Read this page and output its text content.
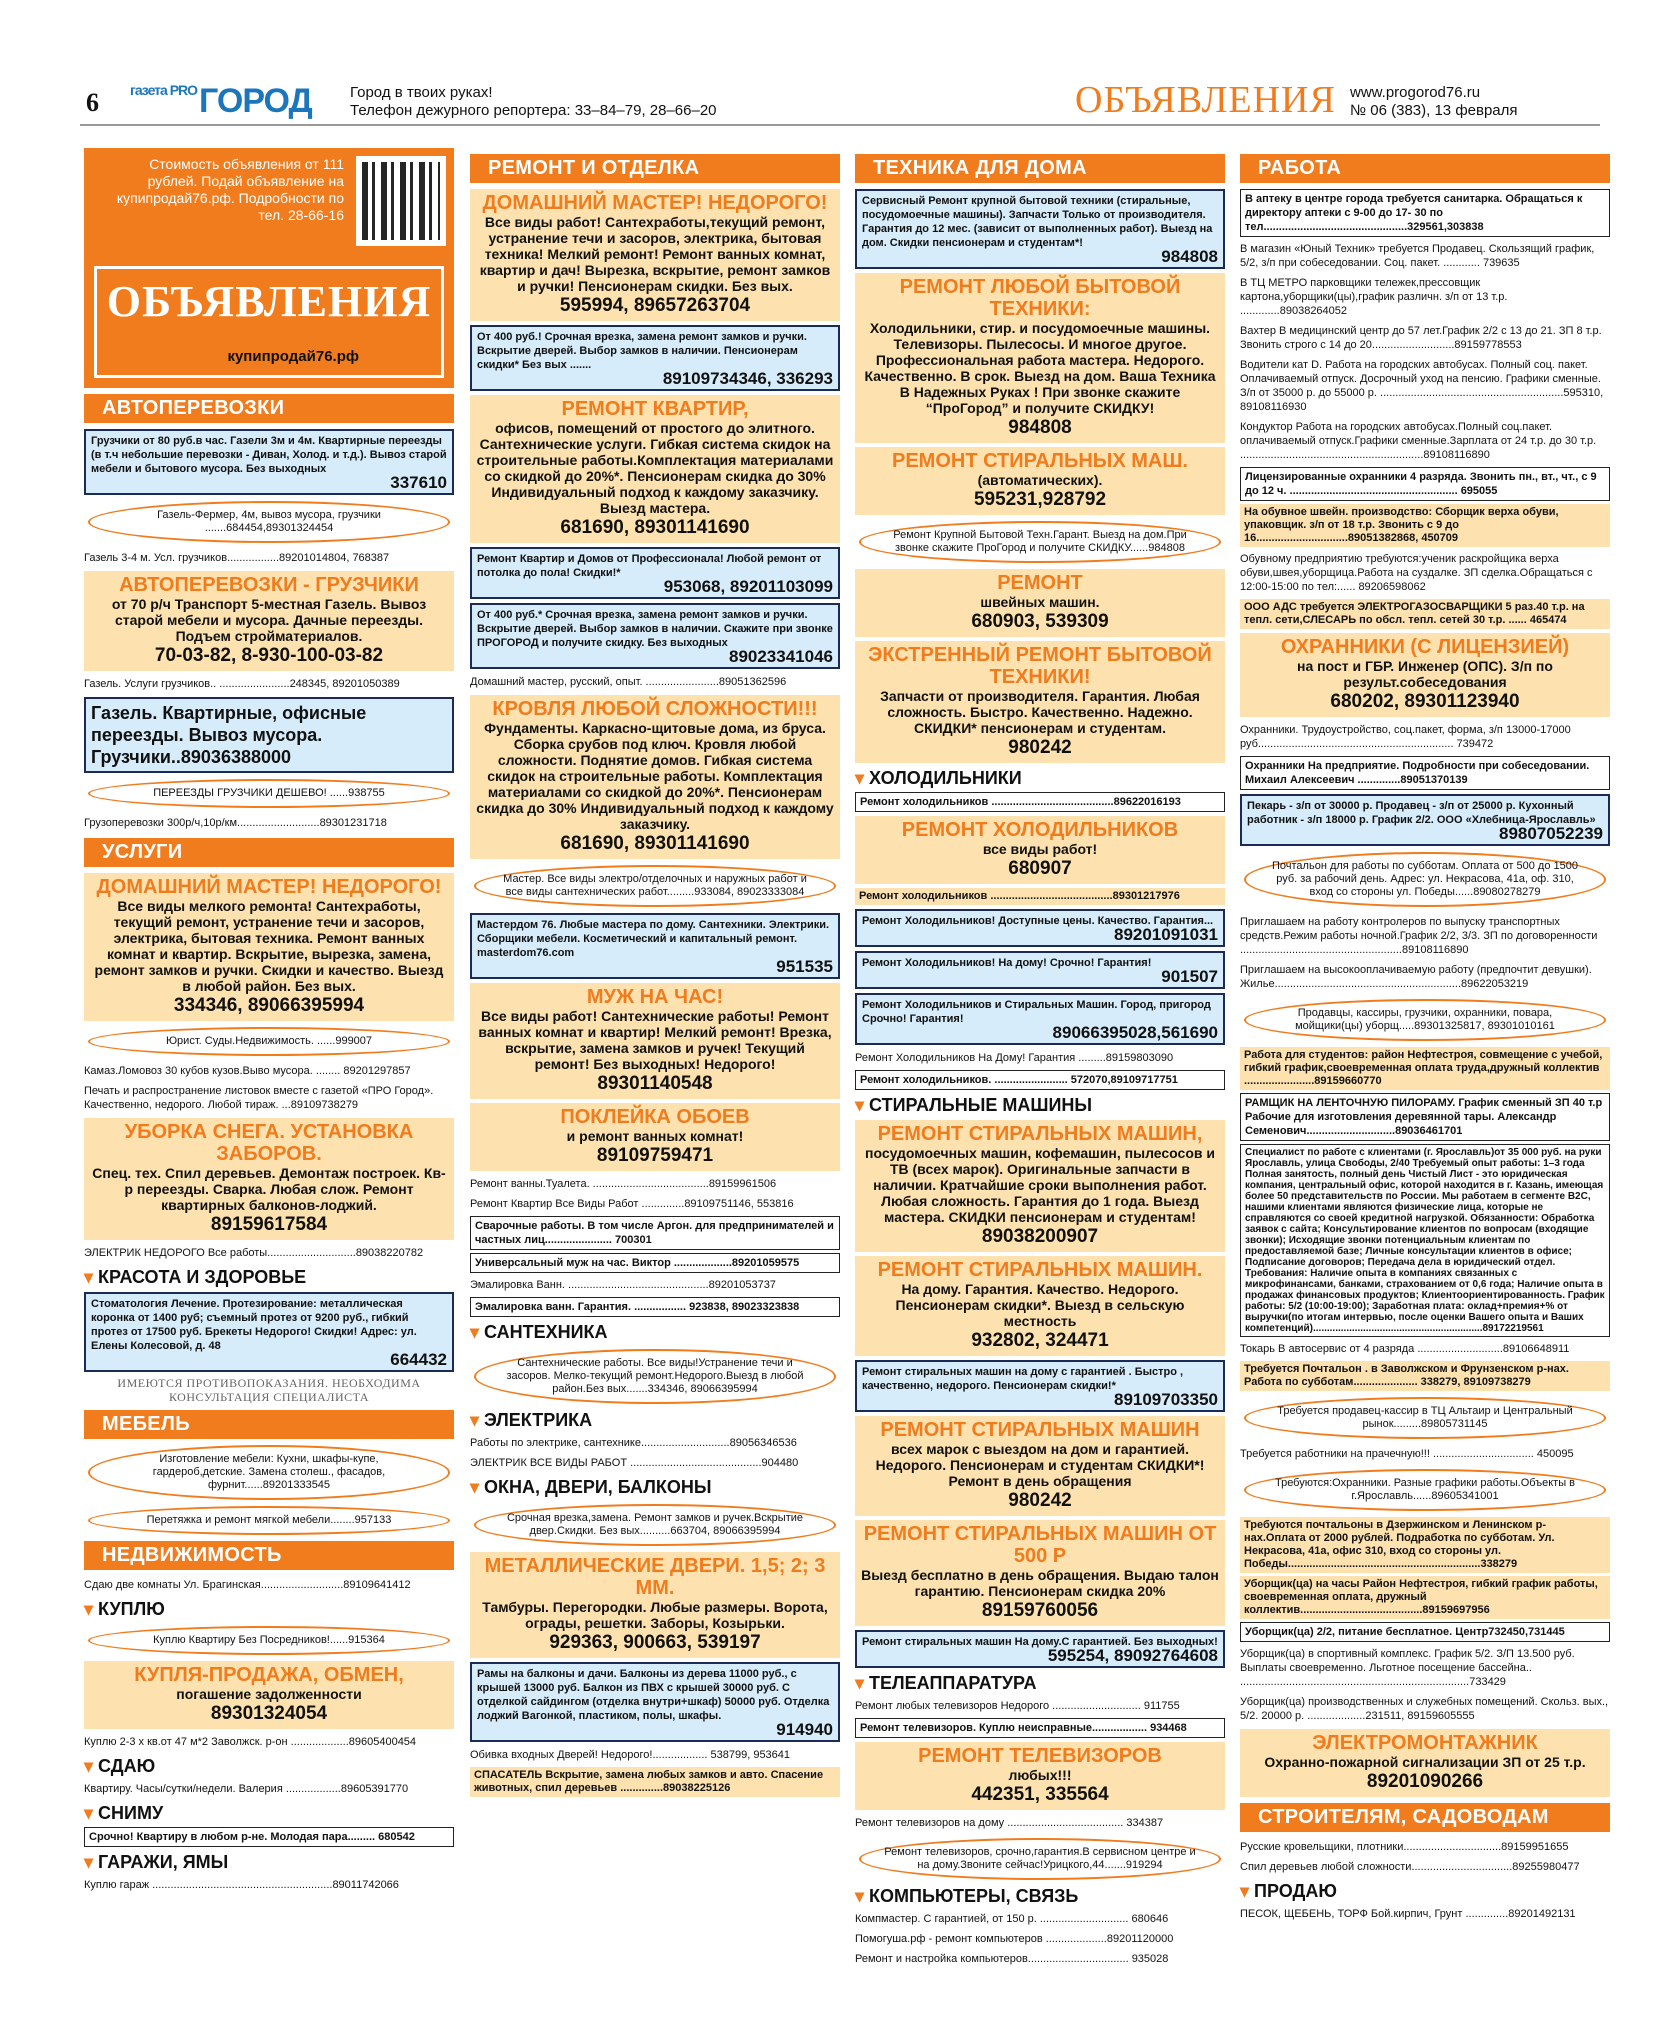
6 $^{газета PRO}$ГОРОД	Город в твоих руках!
Телефон дежурного репортера: 33–84–79, 28–66–20	ОБЪЯВЛЕНИЯ www.progorod76.ru
№ 06 (383), 13 февраля
Стоимость объявления от 111 рублей. Подай объявление на купипродай76.рф. Подробности по тел. 28-66-16
ОБЪЯВЛЕНИЯ
купипродай76.рф
АВТОПЕРЕВОЗКИ
Грузчики от 80 руб.в час. Газели 3м и 4м. Квартирные переезды (в т.ч небольшие перевозки - Диван, Холод. и т.д.). Вывоз старой мебели и бытового мусора. Без выходных
337610
Газель-Фермер, 4м, вывоз мусора, грузчики .......684454,89301324454
Газель 3-4 м. Усл. грузчиков.................89201014804, 768387
АВТОПЕРЕВОЗКИ - ГРУЗЧИКИ
от 70 р/ч Транспорт 5-местная Газель. Вывоз старой мебели и мусора. Дачные переезды. Подъем стройматериалов.
70-03-82, 8-930-100-03-82
Газель. Услуги грузчиков.. .......................248345, 89201050389
Газель. Квартирные, офисные переезды. Вывоз мусора. Грузчики..89036388000
ПЕРЕЕЗДЫ ГРУЗЧИКИ ДЕШЕВО! ......938755
Грузоперевозки 300р/ч,10р/км...........................89301231718
УСЛУГИ
ДОМАШНИЙ МАСТЕР! НЕДОРОГО!
Все виды мелкого ремонта! Сантехработы, текущий ремонт, устранение течи и засоров, электрика, бытовая техника. Ремонт ванных комнат и квартир. Вскрытие, вырезка, замена, ремонт замков и ручки. Скидки и качество. Выезд в любой район. Без вых.
334346, 89066395994
Юрист. Суды.Недвижимость. ......999007
Камаз.Ломовоз 30 кубов кузов.Выво мусора. ........ 89201297857
Печать и распространение листовок вместе с газетой «ПРО Город». Качественно, недорого. Любой тираж. ...89109738279
УБОРКА СНЕГА. УСТАНОВКА ЗАБОРОВ.
Спец. тех. Спил деревьев. Демонтаж построек. Кв-р переезды. Сварка. Любая слож. Ремонт квартирных балконов-лоджий.
89159617584
ЭЛЕКТРИК НЕДОРОГО Все работы.............................89038220782
▾ КРАСОТА И ЗДОРОВЬЕ
Стоматология Лечение. Протезирование: металлическая коронка от 1400 руб; съемный протез от 9200 руб., гибкий протез от 17500 руб. Брекеты Недорого! Скидки! Адрес: ул. Елены Колесовой, д. 48
664432
ИМЕЮТСЯ ПРОТИВОПОКАЗАНИЯ. НЕОБХОДИМА КОНСУЛЬТАЦИЯ СПЕЦИАЛИСТА
МЕБЕЛЬ
Изготовление мебели: Кухни, шкафы-купе, гардероб,детские. Замена столеш., фасадов, фурнит......89201333545
Перетяжка и ремонт мягкой мебели........957133
НЕДВИЖИМОСТЬ
Сдаю две комнаты Ул. Брагинская...........................89109641412
▾ КУПЛЮ
Куплю Квартиру Без Посредников!......915364
КУПЛЯ-ПРОДАЖА, ОБМЕН,
погашение задолженности
89301324054
Куплю 2-3 х кв.от 47 м*2 Заволжск. р-он ...................89605400454
▾ СДАЮ
Квартиру. Часы/сутки/недели. Валерия ..................89605391770
▾ СНИМУ
Срочно! Квартиру в любом р-не. Молодая пара......... 680542
▾ ГАРАЖИ, ЯМЫ
Куплю гараж ...........................................................89011742066
РЕМОНТ И ОТДЕЛКА
ДОМАШНИЙ МАСТЕР! НЕДОРОГО!
Все виды работ! Сантехработы,текущий ремонт, устранение течи и засоров, электрика, бытовая техника! Мелкий ремонт! Ремонт ванных комнат, квартир и дач! Вырезка, вскрытие, ремонт замков и ручки! Пенсионерам скидки. Без вых.
595994, 89657263704
От 400 руб.! Срочная врезка, замена ремонт замков и ручки. Вскрытие дверей. Выбор замков в наличии. Пенсионерам скидки* Без вых .......
89109734346, 336293
РЕМОНТ КВАРТИР,
офисов, помещений от простого до элитного. Сантехнические услуги. Гибкая система скидок на строительные работы.Комплектация материалами со скидкой до 20%*. Пенсионерам скидка до 30% Индивидуальный подход к каждому заказчику. Выезд мастера.
681690, 89301141690
Ремонт Квартир и Домов от Профессионала! Любой ремонт от потолка до пола! Скидки!*
953068, 89201103099
От 400 руб.* Срочная врезка, замена ремонт замков и ручки. Вскрытие дверей. Выбор замков в наличии. Скажите при звонке ПРОГОРОД и получите скидку. Без выходных
89023341046
Домашний мастер, русский, опыт. ........................89051362596
КРОВЛЯ ЛЮБОЙ СЛОЖНОСТИ!!!
Фундаменты. Каркасно-щитовые дома, из бруса. Сборка срубов под ключ. Кровля любой сложности. Поднятие домов. Гибкая система скидок на строительные работы. Комплектация материалами со скидкой до 20%*. Пенсионерам скидка до 30% Индивидуальный подход к каждому заказчику.
681690, 89301141690
Мастер. Все виды электро/отделочных и наружных работ и все виды сантехнических работ.........933084, 89023333084
Мастердом 76. Любые мастера по дому. Сантехники. Электрики. Сборщики мебели. Косметический и капитальный ремонт. masterdom76.com
951535
МУЖ НА ЧАС!
Все виды работ! Сантехнические работы! Ремонт ванных комнат и квартир! Мелкий ремонт! Врезка, вскрытие, замена замков и ручек! Текущий ремонт! Без выходных! Недорого!
89301140548
ПОКЛЕЙКА ОБОЕВ
и ремонт ванных комнат!
89109759471
Ремонт ванны.Туалета. ......................................89159961506
Ремонт Квартир Все Виды Работ ..............89109751146, 553816
Сварочные работы. В том числе Аргон. для предпринимателей и частных лиц...................... 700301
Универсальный муж на час. Виктор ...................89201059575
Эмалировка Ванн. ..............................................89201053737
Эмалировка ванн. Гарантия. ................. 923838, 89023323838
▾ САНТЕХНИКА
Сантехнические работы. Все виды!Устранение течи и засоров. Мелко-текущий ремонт.Недорого.Выезд в любой район.Без вых.......334346, 89066395994
▾ ЭЛЕКТРИКА
Работы по электрике, сантехнике.............................89056346536
ЭЛЕКТРИК ВСЕ ВИДЫ РАБОТ ...........................................904480
▾ ОКНА, ДВЕРИ, БАЛКОНЫ
Срочная врезка,замена. Ремонт замков и ручек.Вскрытие двер.Скидки. Без вых..........663704, 89066395994
МЕТАЛЛИЧЕСКИЕ ДВЕРИ. 1,5; 2; 3 ММ.
Тамбуры. Перегородки. Любые размеры. Ворота, ограды, решетки. Заборы, Козырьки.
929363, 900663, 539197
Рамы на балконы и дачи. Балконы из дерева 11000 руб., с крышей 13000 руб. Балкон из ПВХ с крышей 30000 руб. С отделкой сайдингом (отделка внутри+шкаф) 50000 руб. Отделка лоджий Вагонкой, пластиком, полы, шкафы.
914940
Обивка входных Дверей! Недорого!.................. 538799, 953641
СПАСАТЕЛЬ Вскрытие, замена любых замков и авто. Спасение животных, спил деревьев ..............89038225126
ТЕХНИКА ДЛЯ ДОМА
Сервисный Ремонт крупной бытовой техники (стиральные, посудомоечные машины). Запчасти Только от производителя. Гарантия до 12 мес. (зависит от выполненных работ). Выезд на дом. Скидки пенсионерам и студентам*!
984808
РЕМОНТ ЛЮБОЙ БЫТОВОЙ ТЕХНИКИ:
Холодильники, стир. и посудомоечные машины. Телевизоры. Пылесосы. И многое другое. Профессиональная работа мастера. Недорого. Качественно. В срок. Выезд на дом. Ваша Техника В Надежных Руках ! При звонке скажите “ПроГород” и получите СКИДКУ!
984808
РЕМОНТ СТИРАЛЬНЫХ МАШ.
(автоматических).
595231,928792
Ремонт Крупной Бытовой Техн.Гарант. Выезд на дом.При звонке скажите ПроГород и получите СКИДКУ......984808
РЕМОНТ
швейных машин.
680903, 539309
ЭКСТРЕННЫЙ РЕМОНТ БЫТОВОЙ ТЕХНИКИ!
Запчасти от производителя. Гарантия. Любая сложность. Быстро. Качественно. Надежно. СКИДКИ* пенсионерам и студентам.
980242
▾ ХОЛОДИЛЬНИКИ
Ремонт холодильников ........................................89622016193
РЕМОНТ ХОЛОДИЛЬНИКОВ
все виды работ!
680907
Ремонт холодильников ........................................89301217976
Ремонт Холодильников! Доступные цены. Качество. Гарантия...
89201091031
Ремонт Холодильников! На дому! Срочно! Гарантия!
901507
Ремонт Холодильников и Стиральных Машин. Город, пригород Срочно! Гарантия!
89066395028,561690
Ремонт Холодильников На Дому! Гарантия .........89159803090
Ремонт холодильников. ........................ 572070,89109717751
▾ СТИРАЛЬНЫЕ МАШИНЫ
РЕМОНТ СТИРАЛЬНЫХ МАШИН,
посудомоечных машин, кофемашин, пылесосов и ТВ (всех марок). Оригинальные запчасти в наличии. Кратчайшие сроки выполнения работ. Любая сложность. Гарантия до 1 года. Выезд мастера. СКИДКИ пенсионерам и студентам!
89038200907
РЕМОНТ СТИРАЛЬНЫХ МАШИН.
На дому. Гарантия. Качество. Недорого. Пенсионерам скидки*. Выезд в сельскую местность
932802, 324471
Ремонт стиральных машин на дому с гарантией . Быстро , качественно, недорого. Пенсионерам скидки!*
89109703350
РЕМОНТ СТИРАЛЬНЫХ МАШИН
всех марок с выездом на дом и гарантией. Недорого. Пенсионерам и студентам СКИДКИ*! Ремонт в день обращения
980242
РЕМОНТ СТИРАЛЬНЫХ МАШИН ОТ 500 Р
Выезд бесплатно в день обращения. Выдаю талон гарантию. Пенсионерам скидка 20%
89159760056
Ремонт стиральных машин На дому.С гарантией. Без выходных!
595254, 89092764608
▾ ТЕЛЕАППАРАТУРА
Ремонт любых телевизоров Недорого ............................. 911755
Ремонт телевизоров. Куплю неисправные.................. 934468
РЕМОНТ ТЕЛЕВИЗОРОВ
любых!!!
442351, 335564
Ремонт телевизоров на дому ...................................... 334387
Ремонт телевизоров, срочно,гарантия.В сервисном центре и на дому.Звоните сейчас!Урицкого,44.......919294
▾ КОМПЬЮТЕРЫ, СВЯЗЬ
Компмастер. С гарантией, от 150 р. ............................. 680646
Помогуша.рф - ремонт компьютеров ....................89201120000
Ремонт и настройка компьютеров................................. 935028
РАБОТА
В аптеку в центре города требуется санитарка. Обращаться к директору аптеки с 9-00 до 17- 30 по тел...............................................329561,303838
В магазин «Юный Техник» требуется Продавец. Скользящий график, 5/2, з/п при собеседовании. Соц. пакет. ............ 739635
В ТЦ МЕТРО парковщики тележек,прессовщик картона,уборщики(цы),график различн. з/п от 13 т.р. .............89038264052
Вахтер В медицинский центр до 57 лет.График 2/2 с 13 до 21. ЗП 8 т.р. Звонить строго с 14 до 20...........................89159778553
Водители кат D. Работа на городских автобусах. Полный соц. пакет. Оплачиваемый отпуск. Досрочный уход на пенсию. Графики сменные. З/п от 35000 р. до 55000 р. ............................................................595310, 89108116930
Кондуктор Работа на городских автобусах.Полный соц.пакет. оплачиваемый отпуск.Графики сменные.Зарплата от 24 т.р. до 30 т.р. ............................................................89108116890
Лицензированные охранники 4 разряда. Звонить пн., вт., чт., с 9 до 12 ч. ....................................................... 695055
На обувное швейн. производство: Сборщик верха обуви, упаковщик. з/п от 18 т.р. Звонить с 9 до 16..............................89051382868, 450709
Обувному предприятию требуются:ученик раскройщика верха обуви,швея,уборщица.Работа на суздалке. ЗП сделка.Обращаться с 12:00-15:00 по тел:...... 89206598062
ООО АДС требуется ЭЛЕКТРОГАЗОСВАРЩИКИ 5 раз.40 т.р. на тепл. сети,СЛЕСАРЬ по обсл. тепл. сетей 30 т.р. ...... 465474
ОХРАННИКИ (С ЛИЦЕНЗИЕЙ)
на пост и ГБР. Инженер (ОПС). З/п по результ.собеседования
680202, 89301123940
Охранники. Трудоустройство, соц.пакет, форма, з/п 13000-17000 руб................................................................ 739472
Охранники На предприятие. Подробности при собеседовании. Михаил Алексеевич ..............89051370139
Пекарь - з/п от 30000 р. Продавец - з/п от 25000 р. Кухонный работник - з/п 18000 р. График 2/2. ООО «Хлебница-Ярославль»
89807052239
Почтальон для работы по субботам. Оплата от 500 до 1500 руб. за рабочий день. Адрес: ул. Некрасова, 41а, оф. 310, вход со стороны ул. Победы......89080278279
Приглашаем на работу контролеров по выпуску транспортных средств.Режим работы ночной.График 2/2, 3/3. ЗП по договоренности .....................................................89108116890
Приглашаем на высокооплачиваемую работу (предпочтит девушки). Жилье.............................................................89622053219
Продавцы, кассиры, грузчики, охранники, повара, мойщики(цы) уборщ.....89301325817, 89301010161
Работа для студентов: район Нефтестроя, совмещение с учебой, гибкий график,своевременная оплата труда,дружный коллектив .......................89159660770
РАМЩИК НА ЛЕНТОЧНУЮ ПИЛОРАМУ. График сменный ЗП 40 т.р Рабочие для изготовления деревянной тары. Александр Семенович.............................89036461701
Специалист по работе с клиентами (г. Ярославль)от 35 000 руб. на руки Ярославль, улица Свободы, 2/40 Требуемый опыт работы: 1–3 года Полная занятость, полный день Чистый Лист - это юридическая компания, центральный офис, которой находится в г. Казань, имеющая более 50 представительств по России. Мы работаем в сегменте B2C, нашими клиентами являются физические лица, которые не справляются со своей кредитной нагрузкой. Обязанности: Обработка заявок с сайта; Консультирование клиентов по вопросам (входящие звонки); Исходящие звонки потенциальным клиентам по предоставляемой базе; Личные консультации клиентов в офисе; Подписание договоров; Передача дела в юридический отдел. Требования: Наличие опыта в компаниях связанных с микрофинансами, банками, страхованием от 0,6 года; Наличие опыта в продажах финансовых продуктов; Клиентоориентированность. График работы: 5/2 (10:00-19:00); Заработная плата: оклад+премия+% от выручки(по итогам интервью, после оценки Вашего опыта и Ваших компетенций).............................................................89172219561
Токарь В автосервис от 4 разряда ............................89106648911
Требуется Почтальон . в Заволжском и Фрунзенском р-нах. Работа по субботам..................... 338279, 89109738279
Требуется продавец-кассир в ТЦ Альтаир и Центральный рынок.........89805731145
Требуется работники на прачечную!!! ................................. 450095
Требуются:Охранники. Разные графики работы.Объекты в г.Ярославль......89605341001
Требуются почтальоны в Дзержинском и Ленинском р-нах.Оплата от 2000 рублей. Подработка по субботам. Ул. Некрасова, 41а, офис 310, вход со стороны ул. Победы...............................................................338279
Уборщик(ца) на часы Район Нефтестроя, гибкий график работы, своевременная оплата, дружный коллектив........................................89159697956
Уборщик(ца) 2/2, питание бесплатное. Центр732450,731445
Уборщик(ца) в спортивный комплекс. График 5/2. З/П 13.500 руб. Выплаты своевременно. Льготное посещение бассейна.. ...........................................................................733429
Уборщик(ца) производственных и служебных помещений. Скольз. вых., 5/2. 20000 р. ...................231511, 89159605555
ЭЛЕКТРОМОНТАЖНИК
Охранно-пожарной сигнализации ЗП от 25 т.р.
89201090266
СТРОИТЕЛЯМ, САДОВОДАМ
Русские кровельщики, плотники................................89159951655
Спил деревьев любой сложности.................................89255980477
▾ ПРОДАЮ
ПЕСОК, ЩЕБЕНЬ, ТОРФ Бой.кирпич, Грунт ..............89201492131
